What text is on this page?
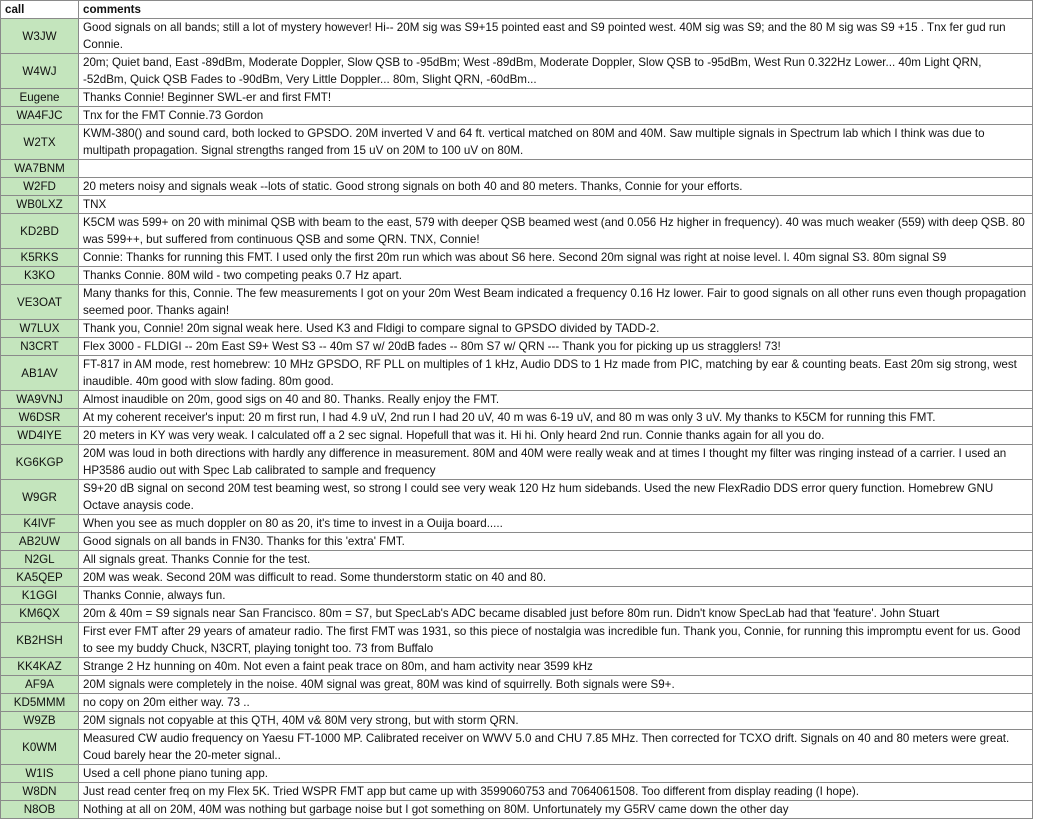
call	comments
W3JW	Good signals on all bands; still a lot of mystery however! Hi-- 20M sig was S9+15 pointed east and S9 pointed west. 40M sig was S9; and the 80 M sig was S9 +15 . Tnx fer gud run Connie.
W4WJ	20m; Quiet band, East -89dBm, Moderate Doppler, Slow QSB to -95dBm; West -89dBm, Moderate Doppler, Slow QSB to -95dBm, West Run 0.322Hz Lower... 40m Light QRN, -52dBm, Quick QSB Fades to -90dBm, Very Little Doppler... 80m, Slight QRN, -60dBm...
Eugene	Thanks Connie! Beginner SWL-er and first FMT!
WA4FJC	Tnx for the FMT Connie.73 Gordon
W2TX	KWM-380() and sound card, both locked to GPSDO. 20M inverted V and 64 ft. vertical matched on 80M and 40M. Saw multiple signals in Spectrum lab which I think was due to multipath propagation. Signal strengths ranged from 15 uV on 20M to 100 uV on 80M.
WA7BNM	
W2FD	20 meters noisy and signals weak --lots of static. Good strong signals on both 40 and 80 meters. Thanks, Connie for your efforts.
WB0LXZ	TNX
KD2BD	K5CM was 599+ on 20 with minimal QSB with beam to the east, 579 with deeper QSB beamed west (and 0.056 Hz higher in frequency). 40 was much weaker (559) with deep QSB. 80 was 599++, but suffered from continuous QSB and some QRN. TNX, Connie!
K5RKS	Connie: Thanks for running this FMT. I used only the first 20m run which was about S6 here. Second 20m signal was right at noise level. l. 40m signal S3. 80m signal S9
K3KO	Thanks Connie. 80M wild - two competing peaks 0.7 Hz apart.
VE3OAT	Many thanks for this, Connie. The few measurements I got on your 20m West Beam indicated a frequency 0.16 Hz lower. Fair to good signals on all other runs even though propagation seemed poor. Thanks again!
W7LUX	Thank you, Connie! 20m signal weak here. Used K3 and Fldigi to compare signal to GPSDO divided by TADD-2.
N3CRT	Flex 3000 - FLDIGI -- 20m East S9+ West S3 -- 40m S7 w/ 20dB fades -- 80m S7 w/ QRN --- Thank you for picking up us stragglers! 73!
AB1AV	FT-817 in AM mode, rest homebrew: 10 MHz GPSDO, RF PLL on multiples of 1 kHz, Audio DDS to 1 Hz made from PIC, matching by ear & counting beats. East 20m sig strong, west inaudible. 40m good with slow fading. 80m good.
WA9VNJ	Almost inaudible on 20m, good sigs on 40 and 80. Thanks. Really enjoy the FMT.
W6DSR	At my coherent receiver's input: 20 m first run, I had 4.9 uV, 2nd run I had 20 uV, 40 m was 6-19 uV, and 80 m was only 3 uV. My thanks to K5CM for running this FMT.
WD4IYE	20 meters in KY was very weak. I calculated off a 2 sec signal. Hopefull that was it. Hi hi. Only heard 2nd run. Connie thanks again for all you do.
KG6KGP	20M was loud in both directions with hardly any difference in measurement. 80M and 40M were really weak and at times I thought my filter was ringing instead of a carrier. I used an HP3586 audio out with Spec Lab calibrated to sample and frequency
W9GR	S9+20 dB signal on second 20M test beaming west, so strong I could see very weak 120 Hz hum sidebands. Used the new FlexRadio DDS error query function. Homebrew GNU Octave anaysis code.
K4IVF	When you see as much doppler on 80 as 20, it's time to invest in a Ouija board.....
AB2UW	Good signals on all bands in FN30. Thanks for this 'extra' FMT.
N2GL	All signals great. Thanks Connie for the test.
KA5QEP	20M was weak. Second 20M was difficult to read. Some thunderstorm static on 40 and 80.
K1GGI	Thanks Connie, always fun.
KM6QX	20m & 40m = S9 signals near San Francisco. 80m = S7, but SpecLab's ADC became disabled just before 80m run. Didn't know SpecLab had that 'feature'. John Stuart
KB2HSH	First ever FMT after 29 years of amateur radio. The first FMT was 1931, so this piece of nostalgia was incredible fun. Thank you, Connie, for running this impromptu event for us. Good to see my buddy Chuck, N3CRT, playing tonight too. 73 from Buffalo
KK4KAZ	Strange 2 Hz hunning on 40m. Not even a faint peak trace on 80m, and ham activity near 3599 kHz
AF9A	20M signals were completely in the noise. 40M signal was great, 80M was kind of squirrelly. Both signals were S9+.
KD5MMM	no copy on 20m either way. 73 ..
W9ZB	20M signals not copyable at this QTH, 40M v& 80M very strong, but with storm QRN.
K0WM	Measured CW audio frequency on Yaesu FT-1000 MP. Calibrated receiver on WWV 5.0 and CHU 7.85 MHz. Then corrected for TCXO drift. Signals on 40 and 80 meters were great. Coud barely hear the 20-meter signal..
W1IS	Used a cell phone piano tuning app.
W8DN	Just read center freq on my Flex 5K. Tried WSPR FMT app but came up with 3599060753 and 7064061508. Too different from display reading (I hope).
N8OB	Nothing at all on 20M, 40M was nothing but garbage noise but I got something on 80M. Unfortunately my G5RV came down the other day
